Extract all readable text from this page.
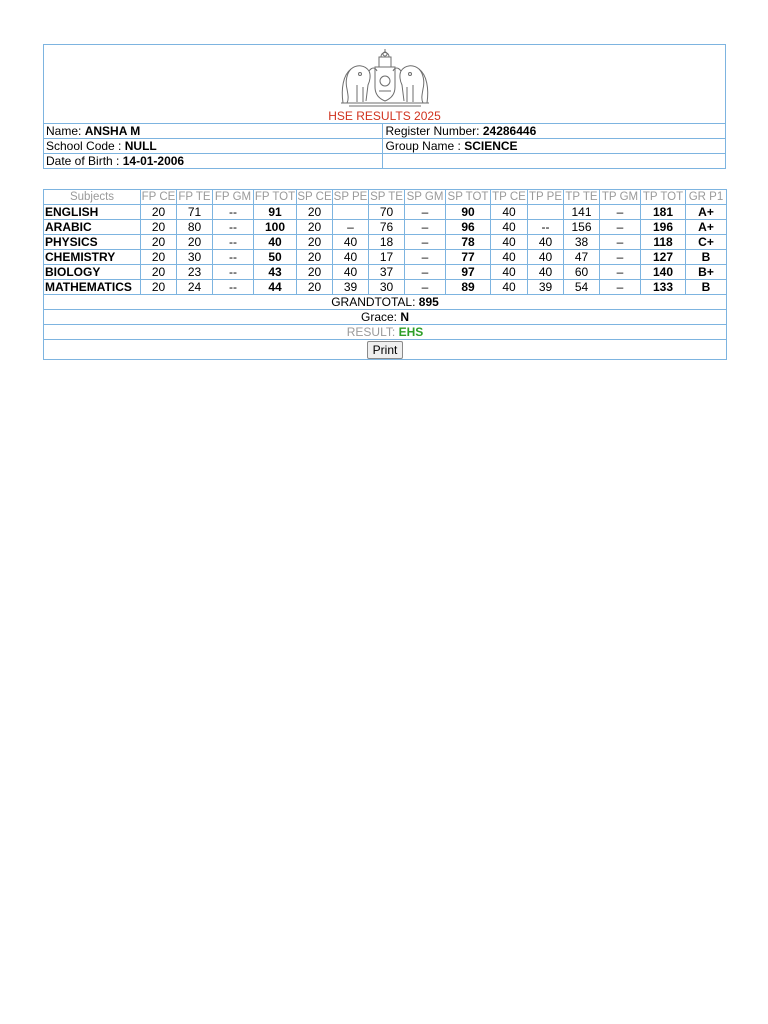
HSE RESULTS 2025	

Name: ANSHA M	Register Number: 24286446
School Code : NULL	Group Name : SCIENCE
Date of Birth : 14-01-2006	
Subjects	FP CE	FP TE	FP GM	FP TOT	SP CE	SP PE	SP TE	SP GM	SP TOT	TP CE	TP PE	TP TE	TP GM	TP TOT	GR P1
ENGLISH	20	71	--	91	20		70	–	90	40		141	–	181	A+
ARABIC	20	80	--	100	20	–	76	–	96	40	--	156	–	196	A+
PHYSICS	20	20	--	40	20	40	18	–	78	40	40	38	–	118	C+
CHEMISTRY	20	30	--	50	20	40	17	–	77	40	40	47	–	127	B
BIOLOGY	20	23	--	43	20	40	37	–	97	40	40	60	–	140	B+
MATHEMATICS	20	24	--	44	20	39	30	–	89	40	39	54	–	133	B
GRANDTOTAL: 895															
Grace: N															
RESULT: EHS															
Print															
